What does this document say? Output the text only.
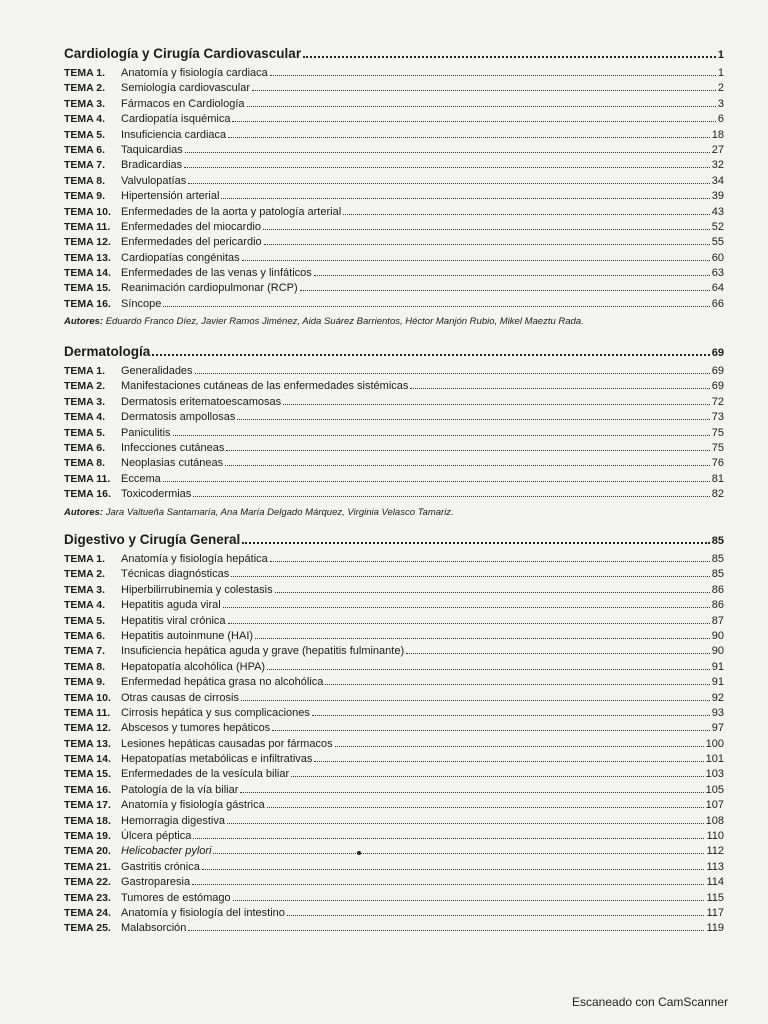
Cardiología y Cirugía Cardiovascular	1
TEMA 1.	Anatomía y fisiología cardiaca	1
TEMA 2.	Semiología cardiovascular	2
TEMA 3.	Fármacos en Cardiología	3
TEMA 4.	Cardiopatía isquémica	6
TEMA 5.	Insuficiencia cardiaca	18
TEMA 6.	Taquicardias	27
TEMA 7.	Bradicardias	32
TEMA 8.	Valvulopatías	34
TEMA 9.	Hipertensión arterial	39
TEMA 10. Enfermedades de la aorta y patología arterial	43
TEMA 11. Enfermedades del miocardio	52
TEMA 12. Enfermedades del pericardio	55
TEMA 13. Cardiopatías congénitas	60
TEMA 14. Enfermedades de las venas y linfáticos	63
TEMA 15. Reanimación cardiopulmonar (RCP)	64
TEMA 16. Síncope	66
Autores: Eduardo Franco Díez, Javier Ramos Jiménez, Aida Suárez Barrientos, Héctor Manjón Rubio, Mikel Maeztu Rada.
Dermatología	69
TEMA 1.	Generalidades	69
TEMA 2.	Manifestaciones cutáneas de las enfermedades sistémicas	69
TEMA 3.	Dermatosis eritematoescamosas	72
TEMA 4.	Dermatosis ampollosas	73
TEMA 5.	Paniculitis	75
TEMA 6.	Infecciones cutáneas	75
TEMA 8.	Neoplasias cutáneas	76
TEMA 11. Eccema	81
TEMA 16. Toxicodermias	82
Autores: Jara Valtueña Santamaría, Ana María Delgado Márquez, Virginia Velasco Tamariz.
Digestivo y Cirugía General	85
TEMA 1.	Anatomía y fisiología hepática	85
TEMA 2.	Técnicas diagnósticas	85
TEMA 3.	Hiperbilirrubinemia y colestasis	86
TEMA 4.	Hepatitis aguda viral	86
TEMA 5.	Hepatitis viral crónica	87
TEMA 6.	Hepatitis autoinmune (HAI)	90
TEMA 7.	Insuficiencia hepática aguda y grave (hepatitis fulminante)	90
TEMA 8.	Hepatopatía alcohólica (HPA)	91
TEMA 9.	Enfermedad hepática grasa no alcohólica	91
TEMA 10. Otras causas de cirrosis	92
TEMA 11. Cirrosis hepática y sus complicaciones	93
TEMA 12. Abscesos y tumores hepáticos	97
TEMA 13. Lesiones hepáticas causadas por fármacos	100
TEMA 14. Hepatopatías metabólicas e infiltrativas	101
TEMA 15. Enfermedades de la vesícula biliar	103
TEMA 16. Patología de la vía biliar	105
TEMA 17. Anatomía y fisiología gástrica	107
TEMA 18. Hemorragia digestiva	108
TEMA 19. Úlcera péptica	110
TEMA 20. Helicobacter pylori	112
TEMA 21. Gastritis crónica	113
TEMA 22. Gastroparesia	114
TEMA 23. Tumores de estómago	115
TEMA 24. Anatomía y fisiología del intestino	117
TEMA 25. Malabsorción	119
Escaneado con CamScanner
